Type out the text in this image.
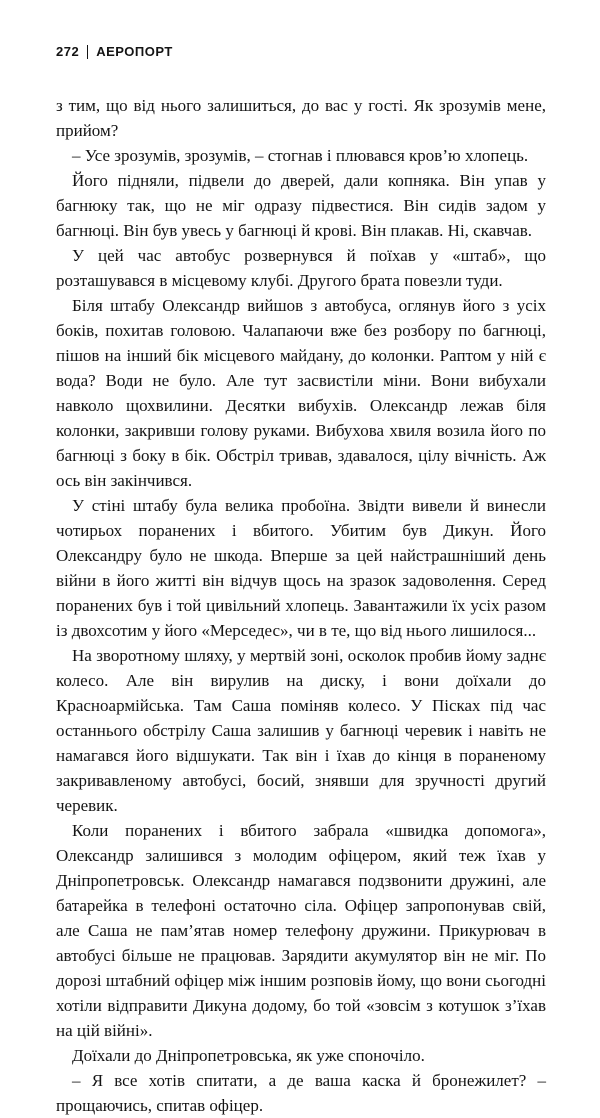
272 АЕРОПОРТ

з тим, що від нього залишиться, до вас у гості. Як зрозумів мене, прийом?

– Усе зрозумів, зрозумів, – стогнав і плювався кров’ю хлопець.

Його підняли, підвели до дверей, дали копняка. Він упав у багнюку так, що не міг одразу підвестися. Він сидів задом у багнюці. Він був увесь у багнюці й крові. Він плакав. Ні, скавчав.

У цей час автобус розвернувся й поїхав у «штаб», що розташувався в місцевому клубі. Другого брата повезли туди.

Біля штабу Олександр вийшов з автобуса, оглянув його з усіх боків, похитав головою. Чалапаючи вже без розбору по багнюці, пішов на інший бік місцевого майдану, до колонки. Раптом у ній є вода? Води не було. Але тут засвистіли міни. Вони вибухали навколо щохвилини. Десятки вибухів. Олександр лежав біля колонки, закривши голову руками. Вибухова хвиля возила його по багнюці з боку в бік. Обстріл тривав, здавалося, цілу вічність. Аж ось він закінчився.

У стіні штабу була велика пробоїна. Звідти вивели й винесли чотирьох поранених і вбитого. Убитим був Дикун. Його Олександру було не шкода. Вперше за цей найстрашніший день війни в його житті він відчув щось на зразок задоволення. Серед поранених був і той цивільний хлопець. Завантажили їх усіх разом із двохсотим у його «Мерседес», чи в те, що від нього лишилося...

На зворотному шляху, у мертвій зоні, осколок пробив йому заднє колесо. Але він вирулив на диску, і вони доїхали до Красноармійська. Там Саша поміняв колесо. У Пісках під час останнього обстрілу Саша залишив у багнюці черевик і навіть не намагався його відшукати. Так він і їхав до кінця в пораненому закривавленому автобусі, босий, знявши для зручності другий черевик.

Коли поранених і вбитого забрала «швидка допомога», Олександр залишився з молодим офіцером, який теж їхав у Дніпропетровськ. Олександр намагався подзвонити дружині, але батарейка в телефоні остаточно сіла. Офіцер запропонував свій, але Саша не пам’ятав номер телефону дружини. Прикурювач в автобусі більше не працював. Зарядити акумулятор він не міг. По дорозі штабний офіцер між іншим розповів йому, що вони сьогодні хотіли відправити Дикуна додому, бо той «зовсім з котушок з’їхав на цій війні».

Доїхали до Дніпропетровська, як уже споночіло.

– Я все хотів спитати, а де ваша каска й бронежилет? – прощаючись, спитав офіцер.
